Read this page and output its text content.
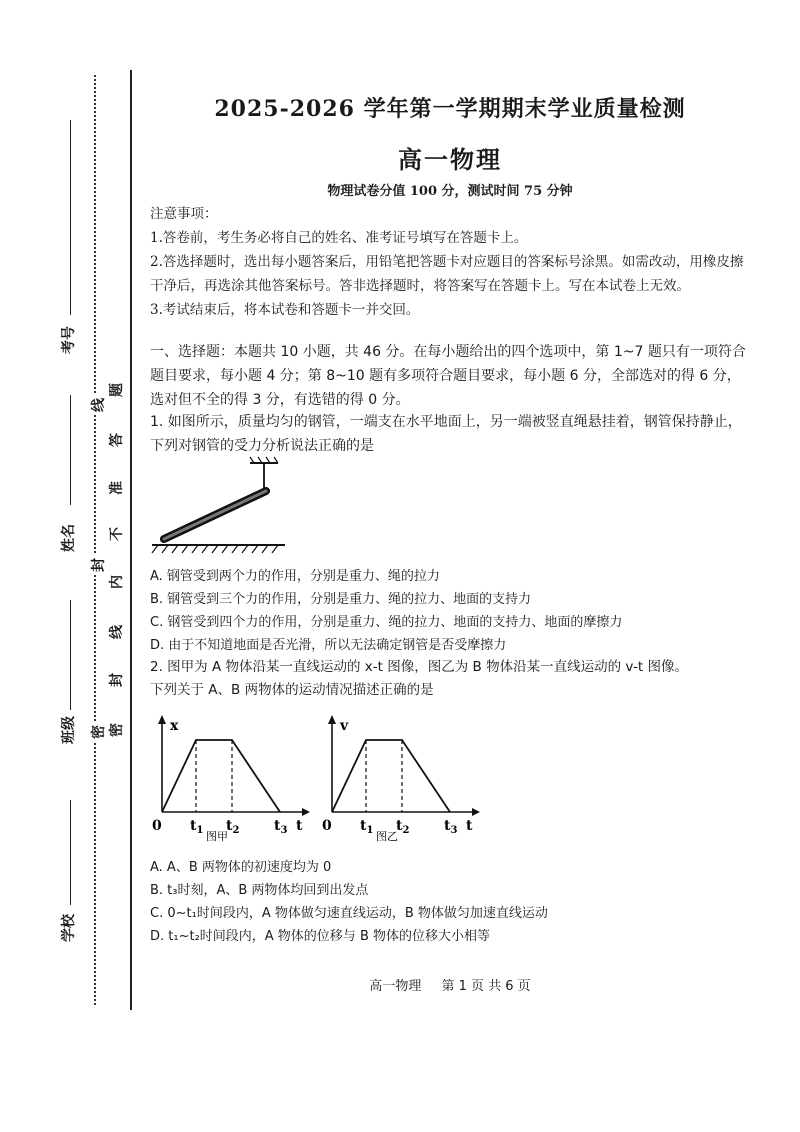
考号
姓名
班级
学校
题
答
准
不
内
线
封
密
线
封
密
2025-2026 学年第一学期期末学业质量检测
高一物理
物理试卷分值 100 分，测试时间 75 分钟

注意事项：

1.答卷前，考生务必将自己的姓名、准考证号填写在答题卡上。

2.答选择题时，选出每小题答案后，用铅笔把答题卡对应题目的答案标号涂黑。如需改动，用橡皮擦干净后，再选涂其他答案标号。答非选择题时，将答案写在答题卡上。写在本试卷上无效。

3.考试结束后，将本试卷和答题卡一并交回。

一、选择题：本题共 10 小题，共 46 分。在每小题给出的四个选项中，第 1~7 题只有一项符合题目要求，每小题 4 分；第 8~10 题有多项符合题目要求，每小题 6 分，全部选对的得 6 分，选对但不全的得 3 分，有选错的得 0 分。
1. 如图所示，质量均匀的钢管，一端支在水平地面上，另一端被竖直绳悬挂着，钢管保持静止，下列对钢管的受力分析说法正确的是

A. 钢管受到两个力的作用，分别是重力、绳的拉力

B. 钢管受到三个力的作用，分别是重力、绳的拉力、地面的支持力

C. 钢管受到四个力的作用，分别是重力、绳的拉力、地面的支持力、地面的摩擦力

D. 由于不知道地面是否光滑，所以无法确定钢管是否受摩擦力

2. 图甲为 A 物体沿某一直线运动的 x-t 图像，图乙为 B 物体沿某一直线运动的 v-t 图像。

下列关于 A、B 两物体的运动情况描述正确的是

x
0 $t_1$ $t_2$ $t_3$ t
图甲
v
0 $t_1$ $t_2$ $t_3$ t
图乙

A. A、B 两物体的初速度均为 0

B. t₃时刻，A、B 两物体均回到出发点

C. 0~t₁时间段内，A 物体做匀速直线运动，B 物体做匀加速直线运动

D. t₁~t₂时间段内，A 物体的位移与 B 物体的位移大小相等

高一物理 第 1 页 共 6 页
